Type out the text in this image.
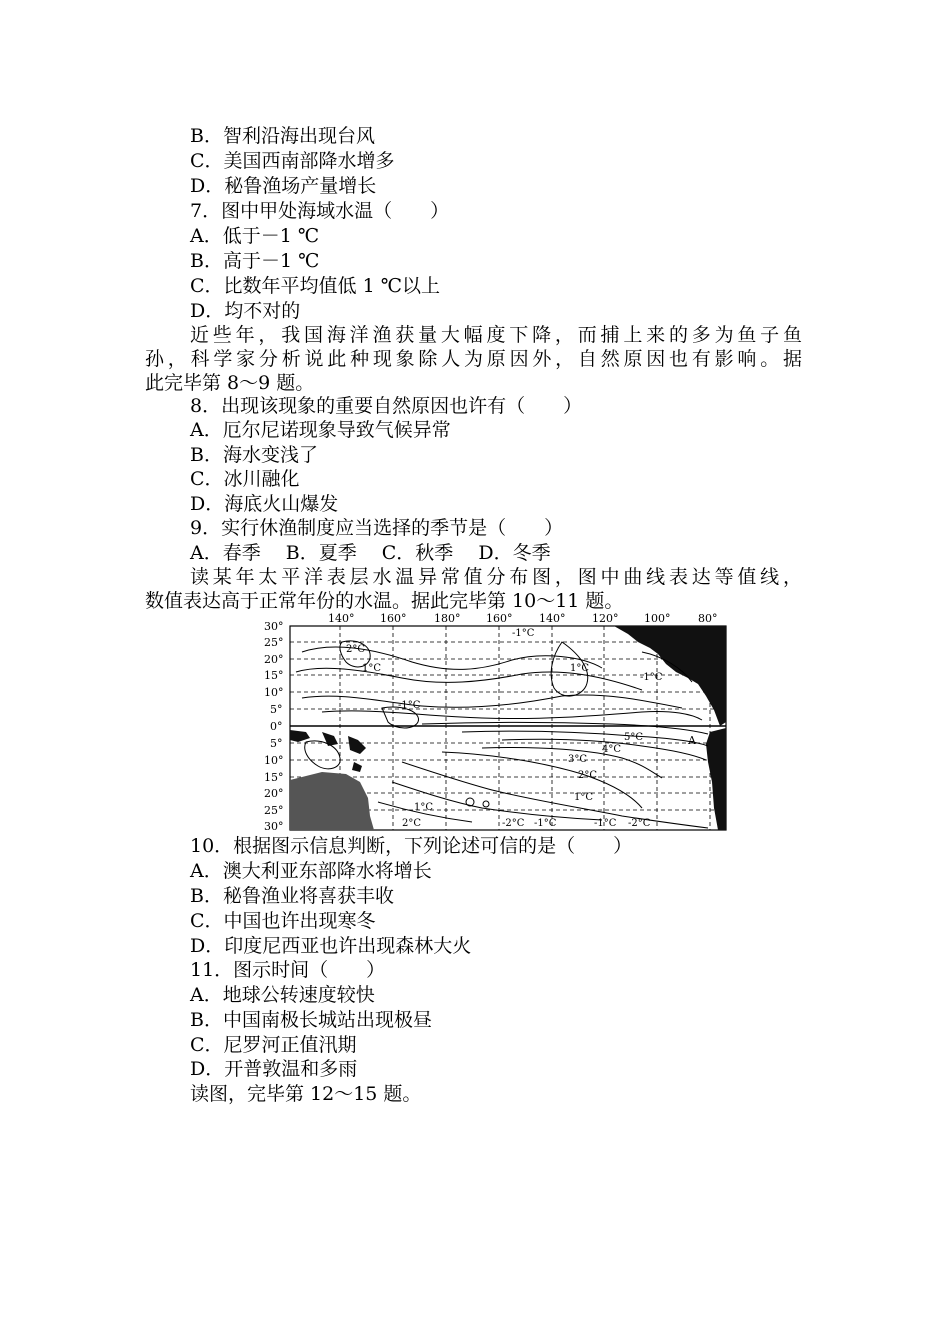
B．智利沿海出现台风
C．美国西南部降水增多
D．秘鲁渔场产量增长
7．图中甲处海域水温（　　）
A．低于－1 ℃
B．高于－1 ℃
C．比数年平均值低 1 ℃以上
D．均不对的
近些年，我国海洋渔获量大幅度下降，而捕上来的多为鱼子鱼
孙，科学家分析说此种现象除人为原因外，自然原因也有影响。据
此完毕第 8～9 题。
8．出现该现象的重要自然原因也许有（　　）
A．厄尔尼诺现象导致气候异常
B．海水变浅了
C．冰川融化
D．海底火山爆发
9．实行休渔制度应当选择的季节是（　　）
A．春季　 B．夏季　 C．秋季　 D．冬季
读某年太平洋表层水温异常值分布图，图中曲线表达等值线，
数值表达高于正常年份的水温。据此完毕第 10～11 题。
140° 160°	180° 160° 140° 120° 100°	80°
30°
25°
20°
15°
10°
5°
0°
5°
10°
15°
20°
25°
30°
-1°C
2°C
1°C	1°C
-1°C
-1°C
5°C
4°C
3°C
2°C
1°C
1°C
2°C	-2°C -1°C	-1°C -2°C
A
10．根据图示信息判断，下列论述可信的是（　　）
A．澳大利亚东部降水将增长
B．秘鲁渔业将喜获丰收
C．中国也许出现寒冬
D．印度尼西亚也许出现森林大火
11．图示时间（　　）
A．地球公转速度较快
B．中国南极长城站出现极昼
C．尼罗河正值汛期
D．开普敦温和多雨
读图，完毕第 12～15 题。
